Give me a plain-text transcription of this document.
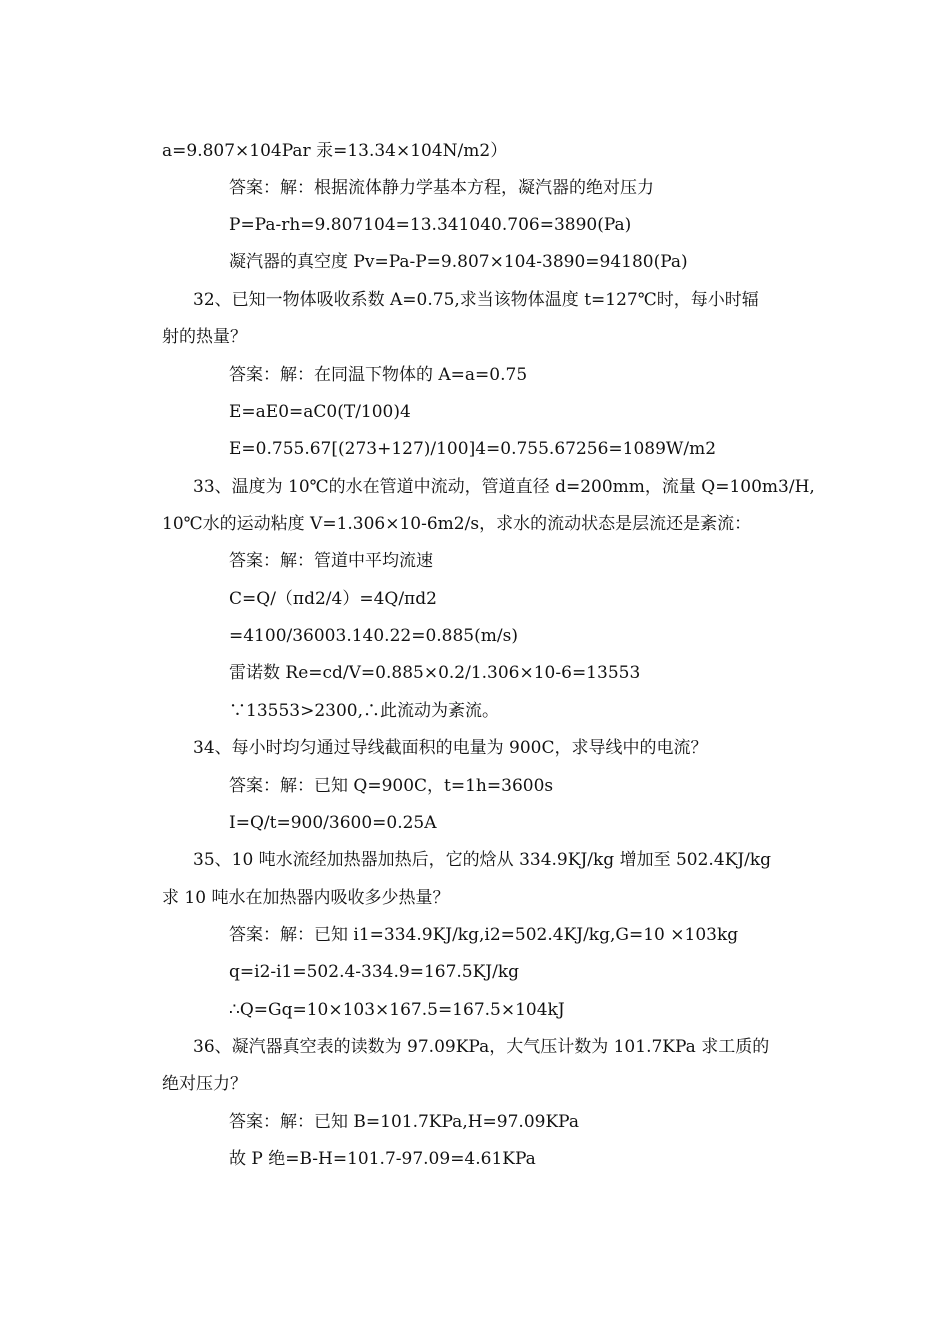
a=9.807×104Par 汞=13.34×104N/m2）
答案：解：根据流体静力学基本方程，凝汽器的绝对压力
P=Pa-rh=9.807104=13.341040.706=3890(Pa)
凝汽器的真空度 Pv=Pa-P=9.807×104-3890=94180(Pa)
32、已知一物体吸收系数 A=0.75,求当该物体温度 t=127℃时，每小时辐
射的热量？
答案：解：在同温下物体的 A=a=0.75
E=aE0=aC0(T/100)4
E=0.755.67[(273+127)/100]4=0.755.67256=1089W/m2
33、温度为 10℃的水在管道中流动，管道直径 d=200mm，流量 Q=100m3/H,
10℃水的运动粘度 V=1.306×10-6m2/s，求水的流动状态是层流还是紊流：
答案：解：管道中平均流速
C=Q/（πd2/4）=4Q/πd2
=4100/36003.140.22=0.885(m/s)
雷诺数 Re=cd/V=0.885×0.2/1.306×10-6=13553
∵13553>2300,∴此流动为紊流。
34、每小时均匀通过导线截面积的电量为 900C，求导线中的电流？
答案：解：已知 Q=900C，t=1h=3600s
I=Q/t=900/3600=0.25A
35、10 吨水流经加热器加热后，它的焓从 334.9KJ/kg 增加至 502.4KJ/kg
求 10 吨水在加热器内吸收多少热量？
答案：解：已知 i1=334.9KJ/kg,i2=502.4KJ/kg,G=10 ×103kg
q=i2-i1=502.4-334.9=167.5KJ/kg
∴Q=Gq=10×103×167.5=167.5×104kJ
36、凝汽器真空表的读数为 97.09KPa，大气压计数为 101.7KPa 求工质的
绝对压力？
答案：解：已知 B=101.7KPa,H=97.09KPa
故 P 绝=B-H=101.7-97.09=4.61KPa
